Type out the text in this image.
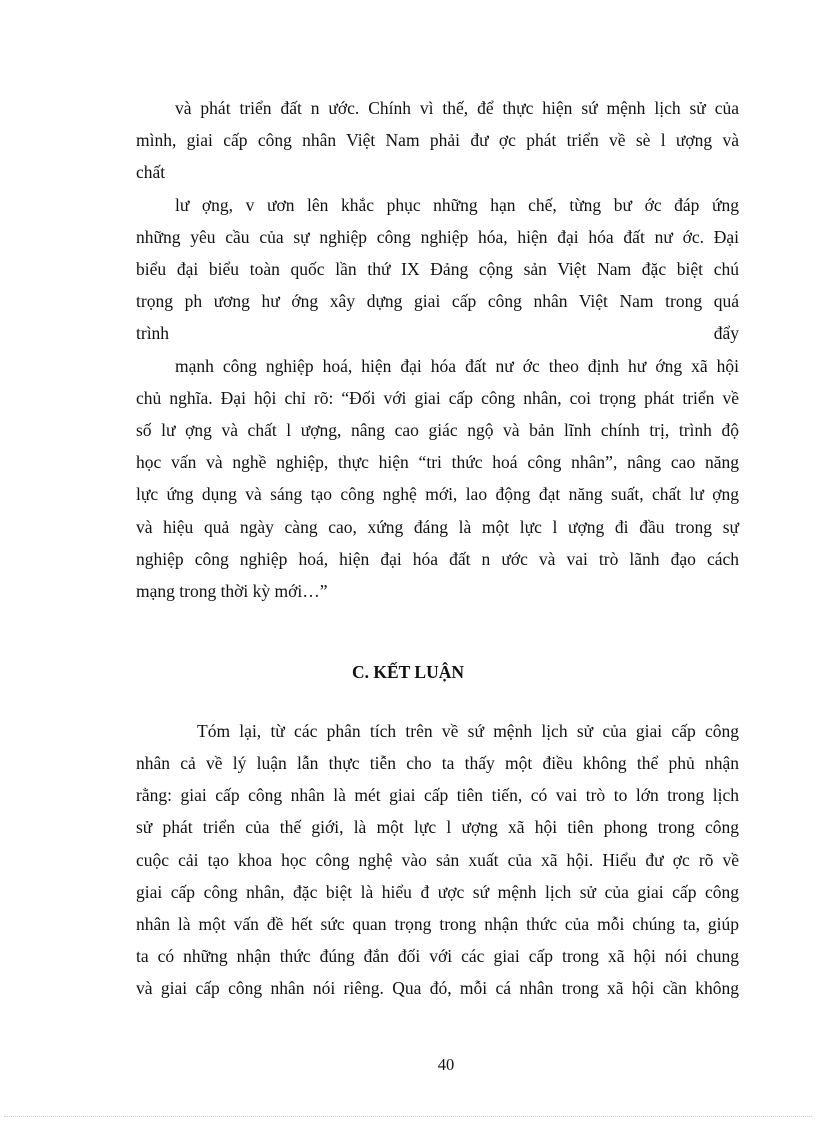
và phát triển đất n ước. Chính vì thế, để thực hiện sứ mệnh lịch sử của
mình, giai cấp công nhân Việt Nam phải đư ợc phát triển về sè l ượng và
chất
lư ợng, v ươn lên khắc phục những hạn chế, từng bư ớc đáp ứng
những yêu cầu của sự nghiệp công nghiệp hóa, hiện đại hóa đất nư ớc. Đại
biểu đại biểu toàn quốc lần thứ IX Đảng cộng sản Việt Nam đặc biệt chú
trọng ph ương hư ớng xây dựng giai cấp công nhân Việt Nam trong quá
trình đẩy
mạnh công nghiệp hoá, hiện đại hóa đất nư ớc theo định hư ớng xã hội
chủ nghĩa. Đại hội chỉ rõ: “Đối với giai cấp công nhân, coi trọng phát triển về
số lư ợng và chất l ượng, nâng cao giác ngộ và bản lĩnh chính trị, trình độ
học vấn và nghề nghiệp, thực hiện “tri thức hoá công nhân”, nâng cao năng
lực ứng dụng và sáng tạo công nghệ mới, lao động đạt năng suất, chất lư ợng
và hiệu quả ngày càng cao, xứng đáng là một lực l ượng đi đầu trong sự
nghiệp công nghiệp hoá, hiện đại hóa đất n ước và vai trò lãnh đạo cách
mạng trong thời kỳ mới…”
C. KẾT LUẬN
Tóm lại, từ các phân tích trên về sứ mệnh lịch sử của giai cấp công
nhân cả về lý luận lẫn thực tiễn cho ta thấy một điều không thể phủ nhận
rằng: giai cấp công nhân là mét giai cấp tiên tiến, có vai trò to lớn trong lịch
sử phát triển của thế giới, là một lực l ượng xã hội tiên phong trong công
cuộc cải tạo khoa học công nghệ vào sản xuất của xã hội. Hiểu đư ợc rõ về
giai cấp công nhân, đặc biệt là hiểu đ ược sứ mệnh lịch sử của giai cấp công
nhân là một vấn đề hết sức quan trọng trong nhận thức của mỗi chúng ta, giúp
ta có những nhận thức đúng đắn đối với các giai cấp trong xã hội nói chung
và giai cấp công nhân nói riêng. Qua đó, mỗi cá nhân trong xã hội cần không
40
